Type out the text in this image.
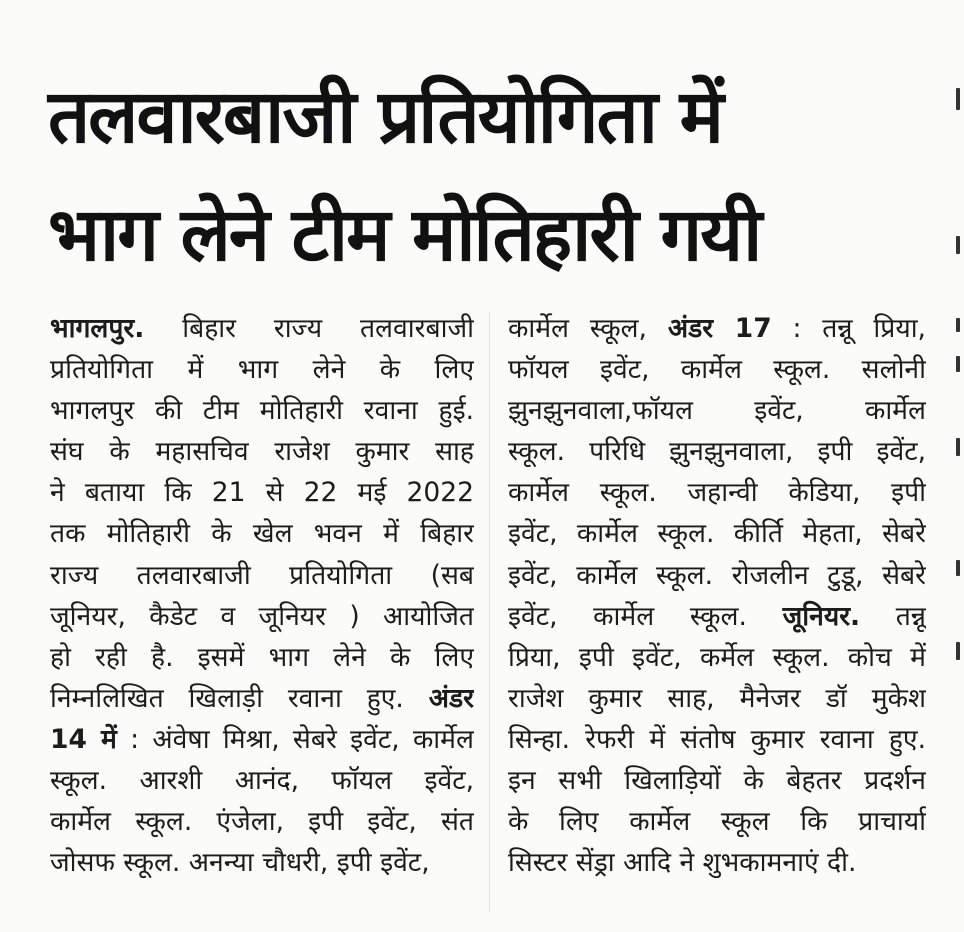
तलवारबाजी प्रतियोगिता में
भाग लेने टीम मोतिहारी गयी
भागलपुर. बिहार राज्य तलवारबाजी
प्रतियोगिता में भाग लेने के लिए
भागलपुर की टीम मोतिहारी रवाना हुई.
संघ के महासचिव राजेश कुमार साह
ने बताया कि 21 से 22 मई 2022
तक मोतिहारी के खेल भवन में बिहार
राज्य तलवारबाजी प्रतियोगिता (सब
जूनियर, कैडेट व जूनियर ) आयोजित
हो रही है. इसमें भाग लेने के लिए
निम्नलिखित खिलाड़ी रवाना हुए. अंडर
14 में : अंवेषा मिश्रा, सेबरे इवेंट, कार्मेल
स्कूल. आरशी आनंद, फॉयल इवेंट,
कार्मेल स्कूल. एंजेला, इपी इवेंट, संत
जोसफ स्कूल. अनन्या चौधरी, इपी इवेंट,
कार्मेल स्कूल, अंडर 17 : तन्नू प्रिया,
फॉयल इवेंट, कार्मेल स्कूल. सलोनी
झुनझुनवाला,फॉयल इवेंट, कार्मेल
स्कूल. परिधि झुनझुनवाला, इपी इवेंट,
कार्मेल स्कूल. जहान्वी केडिया, इपी
इवेंट, कार्मेल स्कूल. कीर्ति मेहता, सेबरे
इवेंट, कार्मेल स्कूल. रोजलीन टुडू, सेबरे
इवेंट, कार्मेल स्कूल. जूनियर. तन्नू
प्रिया, इपी इवेंट, कर्मेल स्कूल. कोच में
राजेश कुमार साह, मैनेजर डॉ मुकेश
सिन्हा. रेफरी में संतोष कुमार रवाना हुए.
इन सभी खिलाड़ियों के बेहतर प्रदर्शन
के लिए कार्मेल स्कूल कि प्राचार्या
सिस्टर सेंड्रा आदि ने शुभकामनाएं दी.
